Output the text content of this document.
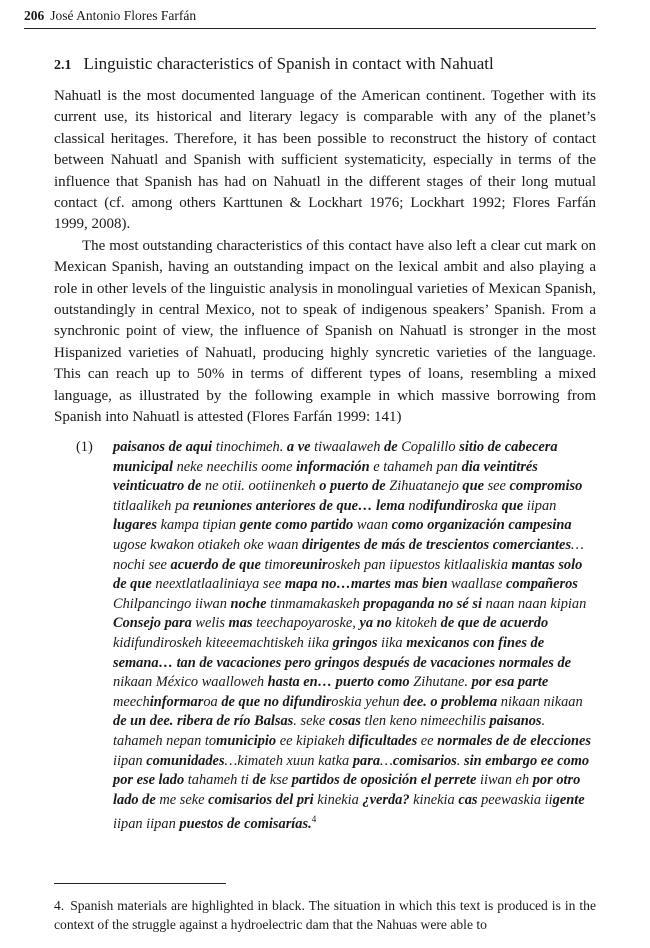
206 José Antonio Flores Farfán
2.1 Linguistic characteristics of Spanish in contact with Nahuatl

Nahuatl is the most documented language of the American continent. Together with its current use, its historical and literary legacy is comparable with any of the planet’s classical heritages. Therefore, it has been possible to reconstruct the history of contact between Nahuatl and Spanish with sufficient systematicity, especially in terms of the influence that Spanish has had on Nahuatl in the different stages of their long mutual contact (cf. among others Karttunen & Lockhart 1976; Lockhart 1992; Flores Farfán 1999, 2008).

The most outstanding characteristics of this contact have also left a clear cut mark on Mexican Spanish, having an outstanding impact on the lexical ambit and also playing a role in other levels of the linguistic analysis in monolingual varieties of Mexican Spanish, outstandingly in central Mexico, not to speak of indigenous speakers’ Spanish. From a synchronic point of view, the influence of Spanish on Nahuatl is stronger in the most Hispanized varieties of Nahuatl, producing highly syncretic varieties of the language. This can reach up to 50% in terms of different types of loans, resembling a mixed language, as illustrated by the following example in which massive borrowing from Spanish into Nahuatl is attested (Flores Farfán 1999: 141)

(1) paisanos de aqui tinochimeh. a ve tiwaalaweh de Copalillo sitio de cabecera municipal neke neechilis oome información e tahameh pan dia veintitrés veinticuatro de ne otii. ootiinenkeh o puerto de Zihuatanejo que see compromiso titlaalikeh pa reuniones anteriores de que… lema nodifundiroska que iipan lugares kampa tipian gente como partido waan como organización campesina ugose kwakon otiakeh oke waan dirigentes de más de trescientos comerciantes… nochi see acuerdo de que timoreuniroskeh pan iipuestos kitlaaliskia mantas solo de que neextlatlaaliniaya see mapa no…martes mas bien waallase compañeros Chilpancingo iiwan noche tinmamakaskeh propaganda no sé si naan naan kipian Consejo para welis mas teechapoyaroske, ya no kitokeh de que de acuerdo kidifundiroskeh kiteeemachtiskeh iika gringos iika mexicanos con fines de semana… tan de vacaciones pero gringos después de vacaciones normales de nikaan México waalloweh hasta en… puerto como Zihutane. por esa parte meechinformaroa de que no difundiroskia yehun dee. o problema nikaan nikaan de un dee. ribera de río Balsas. seke cosas tlen keno nimeechilis paisanos. tahameh nepan tomunicipio ee kipiakeh dificultades ee normales de de elecciones iipan comunidades…kimateh xuun katka para…comisarios. sin embargo ee como por ese lado tahameh ti de kse partidos de oposición el perrete iiwan eh por otro lado de me seke comisarios del pri kinekia ¿verda? kinekia cas peewaskia iigente iipan iipan puestos de comisarías.$^4$
4. Spanish materials are highlighted in black. The situation in which this text is produced is in the context of the struggle against a hydroelectric dam that the Nahuas were able to
